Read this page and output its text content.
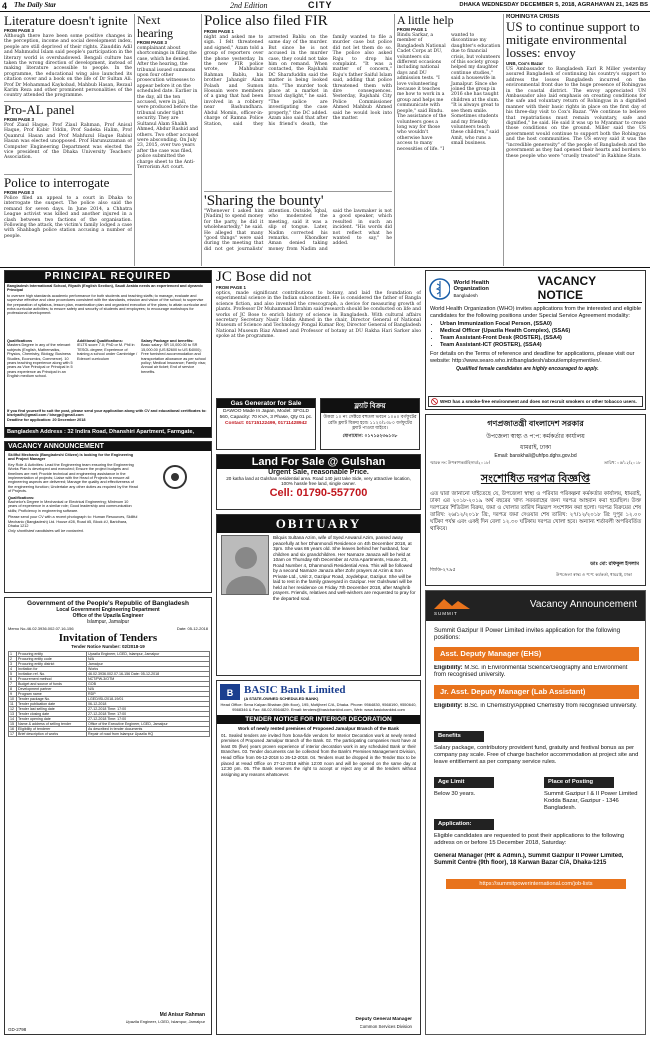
4 The Daily Star	2nd Edition	CITY	DHAKA WEDNESDAY DECEMBER 5, 2018, AGRAHAYAN 21, 1425 BS
Literature doesn't ignite
FROM PAGE 3
Although there have been some positive changes in the perception, income and social development index, people are still deprived of their rights. Ziauddin Adil and Mahmudul Islam said people's participation in the literary world is overshadowed. Bengali culture has taken the wrong direction of development, instead of making literature accessible to people. In the programme, the educational wing also launched its citation cover and a book on the life of Dr Sultan Ali. Prof Dr Mohammad Kaykobad, Mahbub Hasan, Rezaul Karim Reza and other prominent personalities of the country attended the programme.
Pro-AL panel
FROM PAGE 3
Prof Ziaul Haque, Prof Ziaul Rahman, Prof Anisul Haque, Prof Kabir Uddin, Prof Sadeka Halim, Prof Quamrul Hasan and Prof Mahfuzul Haque Rabiul Hasan was elected unopposed. Prof Harunuzzaman of Computer Engineering Department was elected the vice president of the Dhaka University Teachers' Association.
Police to interrogate
FROM PAGE 3
Police filed an appeal to a court in Dhaka to interrogate the suspect. The police also said the remand for seven days. In June 2014, a Chhatra League activist was killed and another injured in a clash between two factions of the organisation. Following the attack, the victim's family lodged a case with Shahbagh police station accusing a number of people.
Next hearing
FROM PAGE 3
complainant about shortcomings in filing the case, which he denied. After the hearing, the tribunal issued summons upon four other prosecution witnesses to appear before it on the scheduled date. Earlier in the day, all the ten accused, were in jail, were produced before the tribunal under tight security. They are Sultanul Alam Shaikh Ahmed, Abdur Rashid and others. Two other accused were absconding. On July 23, 2015, over two years after the case was filed, police submitted the charge sheet to the Anti-Terrorism Act court.
Police also filed FIR
FROM PAGE 1
night and asked me to sign. I felt threatened and signed," Azam told a group of reporters over the phone yesterday. In the new FIR police wrote, Mahbubur Rahman Bablu, his brother Jahangir Alam Polash and Sumon Hossain were members of a gang that had been involved in a robbery near Bashundhara. Abdul Momin, officer-in-charge of Ramna Police Station, said they arrested Bablu on the same day of the murder. But since he is not accused in the murder case, they could not take him on remand. When contacted, the Rajshahi DC Sharafuddin said the matter is being looked into. "The murder took place at a market in broad daylight," he said. "The police are investigating the case properly," the DC added. Azam also said that after his friend's death, the family wanted to file a murder case but police did not let them do so. The police also asked Raju to drop his complaint. "It was a matter of concern," Raju's father Saiful Islam said, adding that police threatened them with dire consequences. Yesterday, Rajshahi City Police Commissioner Ahmed Mahbub Ahmed said he would look into the matter.
'Sharing the bounty'
"Whenever I asked him [Nadim] to spend money for the party, he did it wholeheartedly," he said. He alleged that many "good things" were said during the meeting that did not get journalists' attention. Outside, Iqbal, who moderated the meeting, said it was a slip of tongue. Later, Nadim corrected his remarks. Khondker Aman denied taking money from Nadim and said the lawmaker is not a good speaker, which resulted in such an incident. "His words did not reflect what he wanted to say," he added.
A little help
FROM PAGE 1
Bindu Sarkar, a member of Bangladesh National Cadet Corps at DU, volunteers six different occasions including national days and DU admission tests. "I love volunteering because it teaches me how to work in a group and helps me communicate with people," said Bindu. The assistance of the volunteers goes a long way for those who wouldn't otherwise have access to many necessities of life. "I wanted to discontinue my daughter's education due to financial crisis, but volunteers of this society group helped my daughter continue studies," said a housewife in Jamalpur. Since she joined the group in 2016 she has taught children at the slum. "It is always great to see them smile. Sometimes students and my friendly volunteers teach these children," said Amit, who runs a small business.
ROHINGYA CRISIS
US to continue support to mitigate environmental losses: envoy
UNB, Cox's Bazar
US Ambassador to Bangladesh Earl R Miller yesterday assured Bangladesh of continuing his country's support to address the losses Bangladesh incurred on the environmental front due to the huge presence of Rohingyas in the coastal district. The envoy appreciated UN Ambassador also laid emphasis on creating conditions for the safe and voluntary return of Rohingyas in a dignified manner with their basic rights in place on the first day of his three-day visit to Cox's Bazar. "We continue to believe that repatriations must remain voluntary, safe and dignified," he said. He said it was up to Myanmar to create those conditions on the ground. Miller said the US government would continue to support both the Rohingyas and the host communities. The US envoy said it was the "incredible generosity" of the people of Bangladesh and the government as they had opened their hearts and borders to these people who were "cruelly treated" in Rakhine State.
PRINCIPAL REQUIRED
Bangladesh International School, Riyadh (English Section), Saudi Arabia needs an experienced and dynamic Principal
to oversee high standards academic performance for both students and teaching staffs; to manage, evaluate and supervise effective and clear procedures consistent with the standards, mission and vision of the school; to supervise the preparation of syllabus, lesson plan, examination plan and organized execution of the plans; to attain curricular and extra curricular activities; to ensure safety and security of students and employees; to encourage workshops for professional development.
Qualifications
Masters Degree in any of the relevant subjects (English, Mathematics, Physics, Chemistry, Biology, Business Studies, Economics, Commerce). 10 years teaching experience along with 5 years as Vice Principal or Principal in 5 years experience as Principal in an English medium school.
Additional Qualifications:
IELTS score 7.0; PhD or M. Phil in TESOL degree; Experience of training a school under Cambridge / Edexcel curriculum
Salary Package and benefits:
Basic salary: SR 10,000.00 to SR 15,000.00 (US $2600 to US $4000); Free furnished accommodation and transportation allowance as per school policy; Medical Insurance; Family visa; Annual air ticket; End of service benefits.
If you find yourself to suit the post, please send your application along with CV and educational certificates to: bisriyadh@gmail.com / bisrgp@gmail.com
Deadline for application: 20 December 2018
Bangladesh Address : 32 Indira Road, Dhanshiri Apartment, Farmgate,
VACANCY ANNOUNCEMENT
Skillful Mechanic (Bangladeshi Citizen) is looking for the Engineering and Project Manager
Key Role & Activities: Lead the Engineering team ensuring the Engineering Works Plan is developed and executed; Ensure the project budgets and timelines are met; Provide technical and engineering assistance in the implementation of projects; Liaise with the Head of Projects to ensure all engineering aspects are delivered; Manage the quality and effectiveness of the engineering function; Undertake any other duties as required by the Head of Projects.
Qualifications:
Bachelor's Degree in Mechanical or Electrical Engineering; Minimum 10 years of experience in a similar role; Good leadership and communication skills; Proficiency in engineering software.
Please send your CV with a recent photograph to: Human Resources, Skillful Mechanic (Bangladesh) Ltd. House #28, Road #5, Block #J, Baridhara, Dhaka 1212
Only shortlisted candidates will be contacted.
Government of the People's Republic of Bangladesh
Local Government Engineering Department
Office of the Upazila Engineer
Islampur, Jamalpur
Memo No-46.02.3936.002.07.16-156	Date: 05-12-2018
Invitation of Tenders
Tender Notice Number: 02/2018-19
1	Procuring entity	Upazila Engineer, LGED, Islampur, Jamalpur
2	Procuring entity code	N/A
3	Procuring entity district	Jamalpur
4	Invitation for	Works
5	Invitation ref. No.	46.02.3936.002.07.16-156 Date: 05-12-2018
6	Procurement method	NCT/PW-3/OTM
7	Budget and source of funds	GOB
8	Development partner	N/A
9	Program name	RDP
10	Tender package No.	LGED/ISL/2018-19/01
11	Tender publication date	06-12-2018
12	Tender last selling date	27-12-2018 Time: 17:00
13	Tender closing date	27-12-2018 Time: 17:00
14	Tender opening date	27-12-2018 Time: 17:00
15	Name & address of selling tender	Office of the Executive Engineer, LGED, Jamalpur
16	Eligibility of tenderer	As described in tender documents
17	Brief description of works	Repair of road from Islampur Upazila HQ
Md Anisur Rahman
Upazila Engineer, LGED, Islampur, Jamalpur
GD-2798
JC Bose did not
FROM PAGE 1
optics, made significant contributions to botany, and laid the foundation of experimental science in the Indian subcontinent. He is considered the father of Bangla science fiction, and also invented the crescograph, a device for measuring growth of plants. Professor Dr Muhammad Ibrahim said research should be conducted on life and works of JC Bose to enrich history of science in Bangladesh. With cultural affairs secretary Secretary Nasir Uddin Ahmed in the chair, Director General of National Museum of Science and Technology Pongal Kumar Roy, Director General of Bangladesh National Museum Riaz Ahmed and Professor of botany at DU Rakha Hari Sarker also spoke at the programme.
Gas Generator for Sale
DAWOO Made In Japan, Model: SFGLD 560, Capacity: 70 KVA, 3 Phase, Qty 01 pc.
Contact: 01715122499, 01711428942
ফ্ল্যাট বিক্রয়
উত্তরা ১০ নং সেক্টরে বহুতল ভবনে ১০৪০ বর্গফুটের রেডি ফ্ল্যাট বিক্রয় হবে। ১১২০/১৩৮০ বর্গফুটের ফ্ল্যাট পাওয়া যাইবে।
যোগাযোগ: ০১৭১৫২৩৬১০৮
Land For Sale @ Gulshan
Urgent Sale, reasonable Price.
20 katha land at Gulshan residential area. Road 140 just take Side, very attractive location, 100% hassle free land, single owner.
Cell: 01790-557700
OBITUARY
Bilquis Sultana Azim, wife of Syed Anwarul Azim, passed away peacefully at her Dhanmondi Residence on 4th December 2018, at 3pm. She was 86 years old. She leaves behind her husband, four children and six grandchildren. Her Namaze Janaza will be held at 10am on Thursday 6th December at Azra Apartments, House 23, Road Number 4, Dhanmondi Residential Area. This will be followed by a second Namaze Janaza after Zohr prayers at Azim & Son Private Ltd., Unit 2, Gazipur Road, Joydebpur, Gazipur. She will be laid to rest in the family graveyard in Gazipur. Her Gulshwari will be held at her residence on Friday 7th December 2018, after Maghrib prayers. Friends, relatives and well-wishers are requested to pray for the departed soul.
B BASIC Bank Limited
(A STATE-OWNED SCHEDULED BANK)
Head Office: Sena Kalyan Bhaban (6th floor), 195, Motijheel C/A, Dhaka. Phone: 9564830, 9568190, 9550640, 9568346 & Fax: 88-02-9564829. Email: tenders@basicbankbd.com, Web: www.basicbankbd.com
TENDER NOTICE FOR INTERIOR DECORATION
Work of newly rented premises of Proposed Jamalpur Branch of the Bank
01. Sealed tenders are invited from bona-fide vendors for Interior Decoration work at newly rented premises of Proposed Jamalpur Branch of the Bank. 02. The participating companies must have at least 05 (five) years proven experience of interior decoration work in any scheduled Bank or their Branches. 03. Tender documents can be collected from the Bank's Premises Management Division, Head Office from 06-12-2018 to 26-12-2018. 04. Tenders must be dropped in the Tender Box to be placed at Head Office on 27-12-2018 within 12:00 noon and will be opened on the same day at 12:30 pm. 05. The Bank reserves the right to accept or reject any or all the tenders without assigning any reasons whatsoever.
Deputy General Manager
Common Services Division
World Health Organization
Bangladesh
VACANCY NOTICE
World Health Organization (WHO) invites applications from the interested and eligible candidates for the following positions under Special Service Agreement modality:
• Urban Immunization Focal Person, (SSA0)
• Medical Officer (Upazila Health Complex), (SSA6)
• Team Assistant-Front Desk (ROSTER), (SSA4)
• Team Assistant-ICT (ROSTER), (SSA4)
For details on the Terms of reference and deadline for applications, please visit our website: http://www.searo.who.int/bangladesh/about/employment/en/.
Qualified female candidates are highly encouraged to apply.
WHO has a smoke-free environment and does not recruit smokers or other tobacco users.
গণপ্রজাতন্ত্রী বাংলাদেশ সরকার
উপজেলা স্বাস্থ্য ও প:প: কর্মকর্তার কার্যালয়
ধামরাই, ঢাকা
Email: banskhali@uhfpo.dghs.gov.bd
স্মারক নং: উপস্বাপকর্ম/হিসাব/২০১৮/	তারিখ: ০৫/১২/২০১৮
সংশোধিত দরপত্র বিজ্ঞপ্তি
এত দ্বারা জানানো যাইতেছে যে, উপজেলা স্বাস্থ্য ও পরিবার পরিকল্পনা কর্মকর্তার কার্যালয়, ধামরাই, ঢাকা এর ২০১৮-২০১৯ অর্থ বছরের খাদ্য সরবরাহের জন্য দরপত্র আহবান করা হয়েছিল। উক্ত দরপত্রের শিডিউল বিক্রয়, জমা ও খোলার তারিখ নিম্নরূপ সংশোধন করা হলো। দরপত্র বিক্রয়ের শেষ তারিখ: ২৬/১২/২০১৮ খ্রি:, দরপত্র জমা দেওয়ার শেষ তারিখ: ২৭/১২/২০১৮ খ্রি: দুপুর ১২.০০ ঘটিকা পর্যন্ত এবং একই দিন বেলা ১২.৩০ ঘটিকায় দরপত্র খোলা হবে। অন্যান্য শর্তাবলী অপরিবর্তিত থাকিবে।
ডাঃ মো: রফিকুল ইসলাম
উপজেলা স্বাস্থ্য ও প:প: কর্মকর্তা, ধামরাই, ঢাকা
জিডি-২৭৯৫
SUMMIT
Vacancy Announcement
Summit Gazipur II Power Limited invites application for the following positions:
Asst. Deputy Manager (EHS)
Eligibility: M.Sc. in Environmental Science/Geography and Environment from recognised university.
Jr. Asst. Deputy Manager (Lab Assistant)
Eligibility: B.Sc. in Chemistry/Applied Chemistry from recognised university.
Benefits
Salary package, contributory provident fund, gratuity and festival bonus as per company pay scale. Free of charge bachelor accommodation at project site and leave entitlement as per company service rules.
Age Limit
Below 30 years.
Place of Posting
Summit Gazipur I & II Power Limited Kodda Bazar, Gazipur - 1346 Bangladesh.
Application:
Eligible candidates are requested to post their applications to the following address on or before 15 December 2018, Saturday:
General Manager (HR & Admin.), Summit Gazipur II Power Limited, Summit Centre (9th floor), 18 Karwan Bazar C/A, Dhaka-1215
https://summitpowerinternational.com/job-lists
